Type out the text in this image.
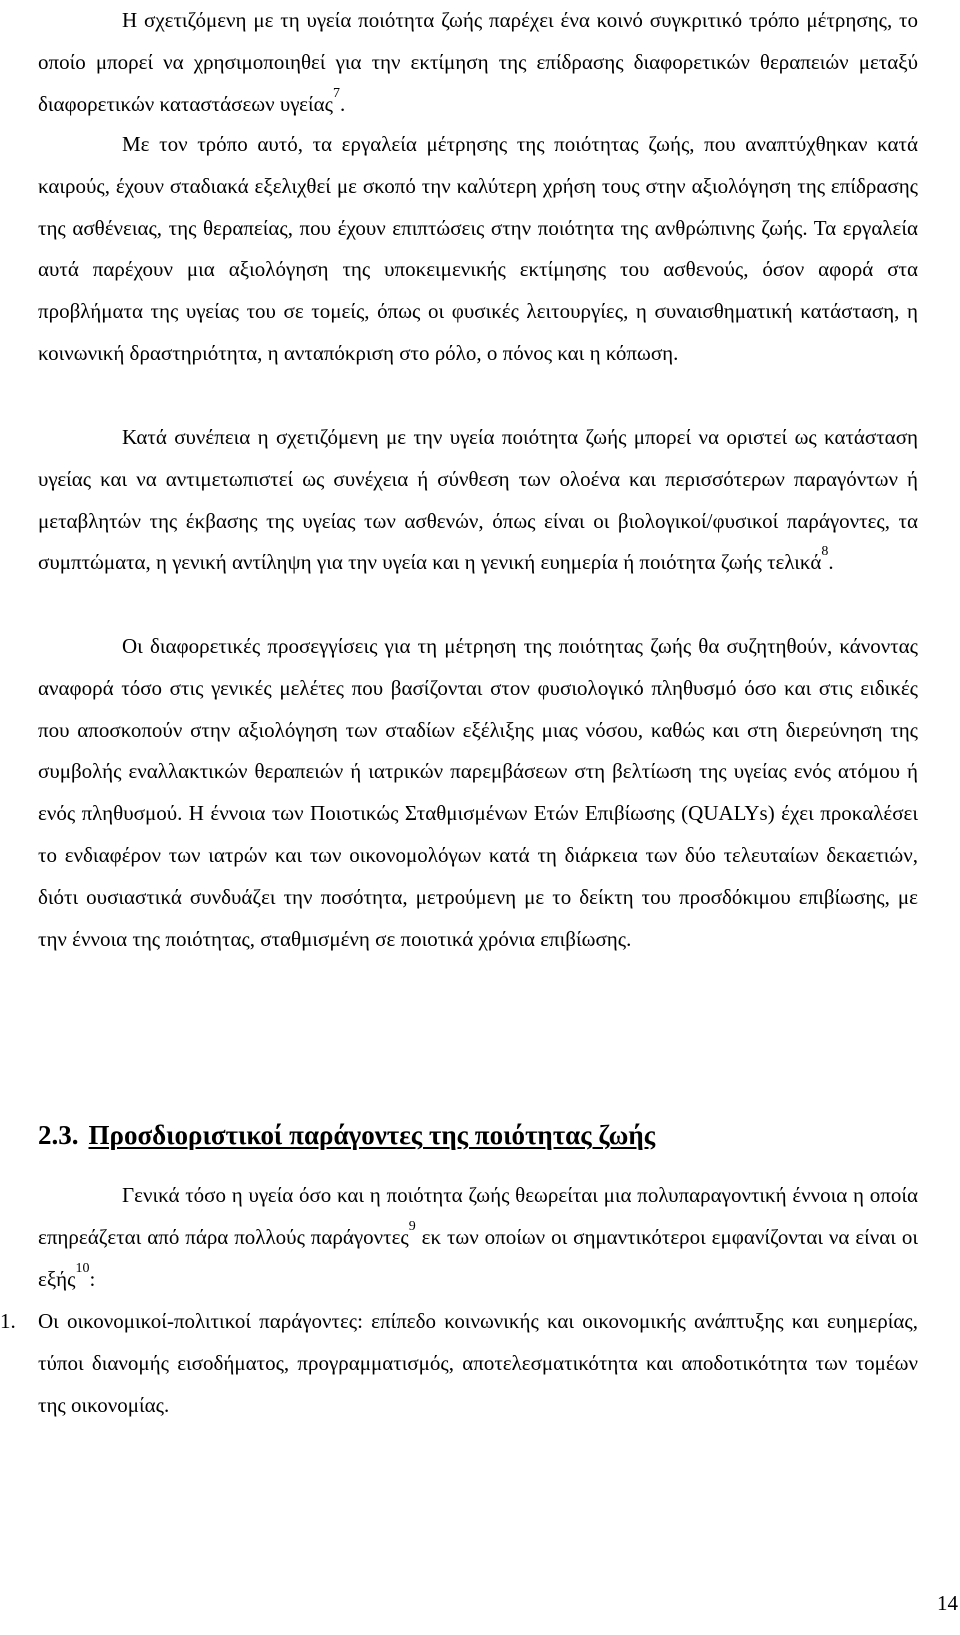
Η σχετιζόμενη με τη υγεία ποιότητα ζωής παρέχει ένα κοινό συγκριτικό τρόπο μέτρησης, το οποίο μπορεί να χρησιμοποιηθεί για την εκτίμηση της επίδρασης διαφορετικών θεραπειών μεταξύ διαφορετικών καταστάσεων υγείας$^7$.

Με τον τρόπο αυτό, τα εργαλεία μέτρησης της ποιότητας ζωής, που αναπτύχθηκαν κατά καιρούς, έχουν σταδιακά εξελιχθεί με σκοπό την καλύτερη χρήση τους στην αξιολόγηση της επίδρασης της ασθένειας, της θεραπείας, που έχουν επιπτώσεις στην ποιότητα της ανθρώπινης ζωής. Τα εργαλεία αυτά παρέχουν μια αξιολόγηση της υποκειμενικής εκτίμησης του ασθενούς, όσον αφορά στα προβλήματα της υγείας του σε τομείς, όπως οι φυσικές λειτουργίες, η συναισθηματική κατάσταση, η κοινωνική δραστηριότητα, η ανταπόκριση στο ρόλο, ο πόνος και η κόπωση.

Κατά συνέπεια η σχετιζόμενη με την υγεία ποιότητα ζωής μπορεί να οριστεί ως κατάσταση υγείας και να αντιμετωπιστεί ως συνέχεια ή σύνθεση των ολοένα και περισσότερων παραγόντων ή μεταβλητών της έκβασης της υγείας των ασθενών, όπως είναι οι βιολογικοί/φυσικοί παράγοντες, τα συμπτώματα, η γενική αντίληψη για την υγεία και η γενική ευημερία ή ποιότητα ζωής τελικά$^8$.

Οι διαφορετικές προσεγγίσεις για τη μέτρηση της ποιότητας ζωής θα συζητηθούν, κάνοντας αναφορά τόσο στις γενικές μελέτες που βασίζονται στον φυσιολογικό πληθυσμό όσο και στις ειδικές που αποσκοπούν στην αξιολόγηση των σταδίων εξέλιξης μιας νόσου, καθώς και στη διερεύνηση της συμβολής εναλλακτικών θεραπειών ή ιατρικών παρεμβάσεων στη βελτίωση της υγείας ενός ατόμου ή ενός πληθυσμού. Η έννοια των Ποιοτικώς Σταθμισμένων Ετών Επιβίωσης (QUALYs) έχει προκαλέσει το ενδιαφέρον των ιατρών και των οικονομολόγων κατά τη διάρκεια των δύο τελευταίων δεκαετιών, διότι ουσιαστικά συνδυάζει την ποσότητα, μετρούμενη με το δείκτη του προσδόκιμου επιβίωσης, με την έννοια της ποιότητας, σταθμισμένη σε ποιοτικά χρόνια επιβίωσης.

2.3. Προσδιοριστικοί παράγοντες της ποιότητας ζωής

Γενικά τόσο η υγεία όσο και η ποιότητα ζωής θεωρείται μια πολυπαραγοντική έννοια η οποία επηρεάζεται από πάρα πολλούς παράγοντες$^9$ εκ των οποίων οι σημαντικότεροι εμφανίζονται να είναι οι εξής$^{10}$:

1. Οι οικονομικοί-πολιτικοί παράγοντες: επίπεδο κοινωνικής και οικονομικής ανάπτυξης και ευημερίας, τύποι διανομής εισοδήματος, προγραμματισμός, αποτελεσματικότητα και αποδοτικότητα των τομέων της οικονομίας.

14
